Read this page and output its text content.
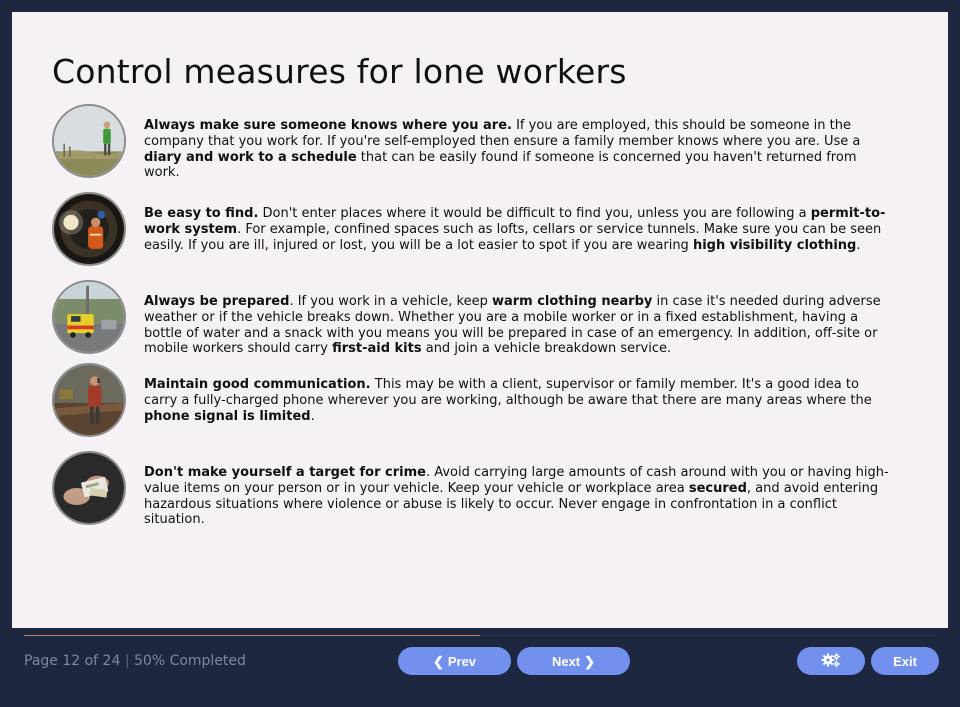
Control measures for lone workers

Always make sure someone knows where you are. If you are employed, this should be someone in the company that you work for. If you're self-employed then ensure a family member knows where you are. Use a diary and work to a schedule that can be easily found if someone is concerned you haven't returned from work.

Be easy to find. Don't enter places where it would be difficult to find you, unless you are following a permit-to-work system. For example, confined spaces such as lofts, cellars or service tunnels. Make sure you can be seen easily. If you are ill, injured or lost, you will be a lot easier to spot if you are wearing high visibility clothing.

Always be prepared. If you work in a vehicle, keep warm clothing nearby in case it's needed during adverse weather or if the vehicle breaks down. Whether you are a mobile worker or in a fixed establishment, having a bottle of water and a snack with you means you will be prepared in case of an emergency. In addition, off-site or mobile workers should carry first-aid kits and join a vehicle breakdown service.

Maintain good communication. This may be with a client, supervisor or family member. It's a good idea to carry a fully-charged phone wherever you are working, although be aware that there are many areas where the phone signal is limited.

Don't make yourself a target for crime. Avoid carrying large amounts of cash around with you or having high-value items on your person or in your vehicle. Keep your vehicle or workplace area secured, and avoid entering hazardous situations where violence or abuse is likely to occur. Never engage in confrontation in a conflict situation.

Page 12 of 24 | 50% Completed	❮ Prev	Next ❯	Exit
